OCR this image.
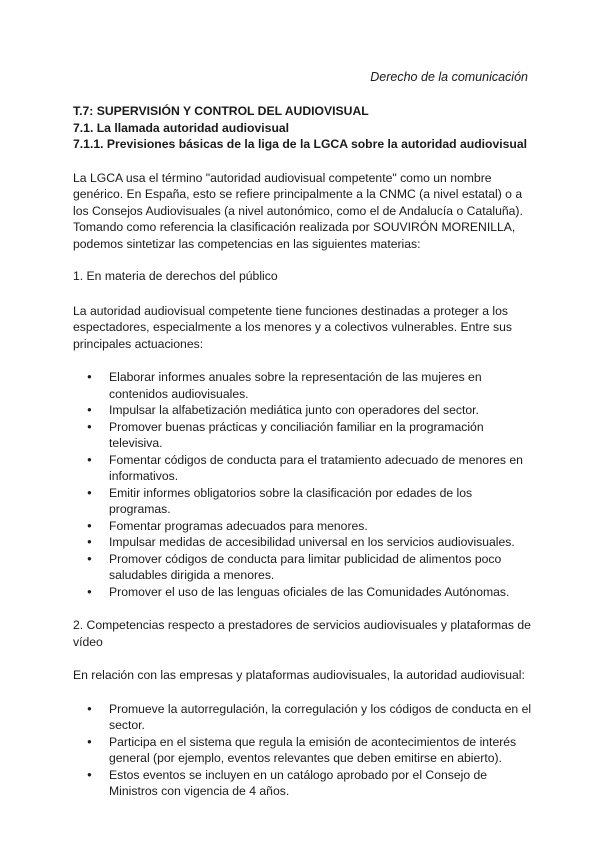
Derecho de la comunicación

T.7: SUPERVISIÓN Y CONTROL DEL AUDIOVISUAL

7.1. La llamada autoridad audiovisual

7.1.1. Previsiones básicas de la liga de la LGCA sobre la autoridad audiovisual

La LGCA usa el término "autoridad audiovisual competente" como un nombre genérico. En España, esto se refiere principalmente a la CNMC (a nivel estatal) o a los Consejos Audiovisuales (a nivel autonómico, como el de Andalucía o Cataluña). Tomando como referencia la clasificación realizada por SOUVIRÓN MORENILLA, podemos sintetizar las competencias en las siguientes materias:

1. En materia de derechos del público

La autoridad audiovisual competente tiene funciones destinadas a proteger a los espectadores, especialmente a los menores y a colectivos vulnerables. Entre sus principales actuaciones:

● Elaborar informes anuales sobre la representación de las mujeres en contenidos audiovisuales.
● Impulsar la alfabetización mediática junto con operadores del sector.
● Promover buenas prácticas y conciliación familiar en la programación televisiva.
● Fomentar códigos de conducta para el tratamiento adecuado de menores en informativos.
● Emitir informes obligatorios sobre la clasificación por edades de los programas.
● Fomentar programas adecuados para menores.
● Impulsar medidas de accesibilidad universal en los servicios audiovisuales.
● Promover códigos de conducta para limitar publicidad de alimentos poco saludables dirigida a menores.
● Promover el uso de las lenguas oficiales de las Comunidades Autónomas.

2. Competencias respecto a prestadores de servicios audiovisuales y plataformas de vídeo

En relación con las empresas y plataformas audiovisuales, la autoridad audiovisual:

● Promueve la autorregulación, la corregulación y los códigos de conducta en el sector.
● Participa en el sistema que regula la emisión de acontecimientos de interés general (por ejemplo, eventos relevantes que deben emitirse en abierto).
● Estos eventos se incluyen en un catálogo aprobado por el Consejo de Ministros con vigencia de 4 años.
